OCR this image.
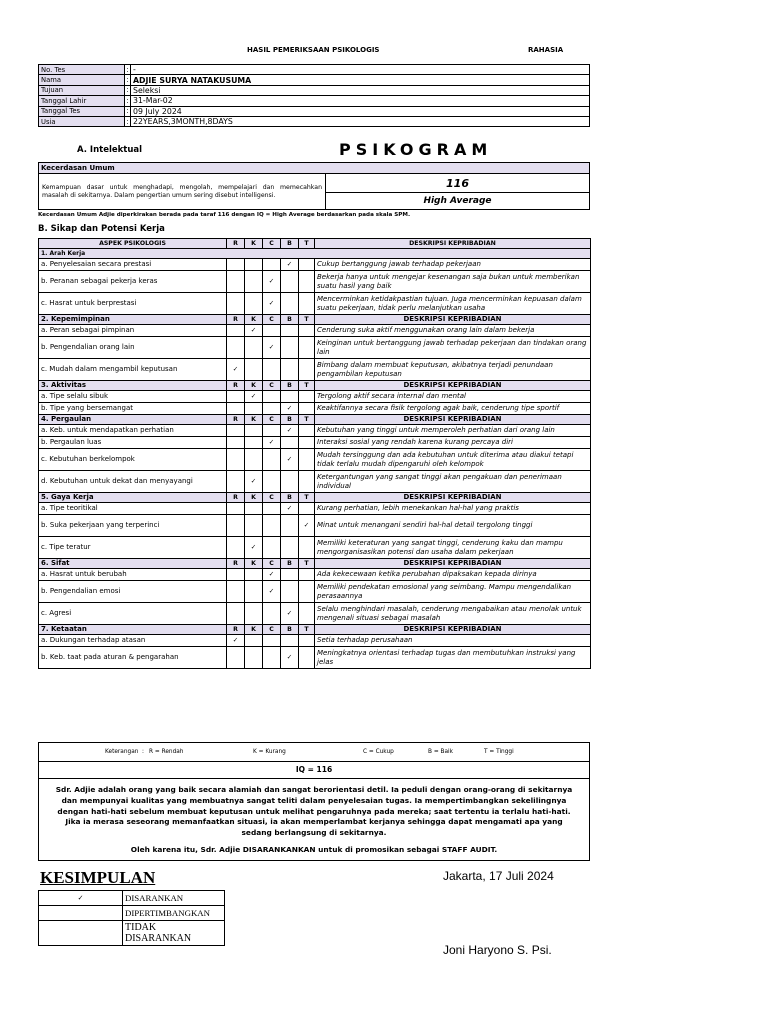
HASIL PEMERIKSAAN PSIKOLOGIS	RAHASIA
No. Tes	:	-
Nama	:	ADJIE SURYA NATAKUSUMA
Tujuan	:	Seleksi
Tanggal Lahir	:	31-Mar-02
Tanggal Tes	:	09 July 2024
Usia	:	22YEARS,3MONTH,8DAYS
A. Intelektual	PSIKOGRAM
Kecerdasan Umum
Kemampuan dasar untuk menghadapi, mengolah, mempelajari dan memecahkan masalah di sekitarnya. Dalam pengertian umum sering disebut intelligensi.	116
High Average
Kecerdasan Umum Adjie diperkirakan berada pada taraf 116 dengan IQ = High Average berdasarkan pada skala SPM.
B. Sikap dan Potensi Kerja
ASPEK PSIKOLOGIS	R	K	C	B	T	DESKRIPSI KEPRIBADIAN
1. Arah Kerja						
a. Penyelesaian secara prestasi				✓		Cukup bertanggung jawab terhadap pekerjaan
b. Peranan sebagai pekerja keras			✓			Bekerja hanya untuk mengejar kesenangan saja bukan untuk memberikan suatu hasil yang baik
c. Hasrat untuk berprestasi			✓			Mencerminkan ketidakpastian tujuan. Juga mencerminkan kepuasan dalam suatu pekerjaan, tidak perlu melanjutkan usaha
2. Kepemimpinan	R	K	C	B	T	DESKRIPSI KEPRIBADIAN
a. Peran sebagai pimpinan		✓				Cenderung suka aktif menggunakan orang lain dalam bekerja
b. Pengendalian orang lain			✓			Keinginan untuk bertanggung jawab terhadap pekerjaan dan tindakan orang lain
c. Mudah dalam mengambil keputusan	✓					Bimbang dalam membuat keputusan, akibatnya terjadi penundaan pengambilan keputusan
3. Aktivitas	R	K	C	B	T	DESKRIPSI KEPRIBADIAN
a. Tipe selalu sibuk		✓				Tergolong aktif secara internal dan mental
b. Tipe yang bersemangat				✓		Keaktifannya secara fisik tergolong agak baik, cenderung tipe sportif
4. Pergaulan	R	K	C	B	T	DESKRIPSI KEPRIBADIAN
a. Keb. untuk mendapatkan perhatian				✓		Kebutuhan yang tinggi untuk memperoleh perhatian dari orang lain
b. Pergaulan luas			✓			Interaksi sosial yang rendah karena kurang percaya diri
c. Kebutuhan berkelompok				✓		Mudah tersinggung dan ada kebutuhan untuk diterima atau diakui tetapi tidak terlalu mudah dipengaruhi oleh kelompok
d. Kebutuhan untuk dekat dan menyayangi		✓				Ketergantungan yang sangat tinggi akan pengakuan dan penerimaan individual
5. Gaya Kerja	R	K	C	B	T	DESKRIPSI KEPRIBADIAN
a. Tipe teoritikal				✓		Kurang perhatian, lebih menekankan hal-hal yang praktis
b. Suka pekerjaan yang terperinci					✓	Minat untuk menangani sendiri hal-hal detail tergolong tinggi
c. Tipe teratur		✓				Memiliki keteraturan yang sangat tinggi, cenderung kaku dan mampu mengorganisasikan potensi dan usaha dalam pekerjaan
6. Sifat	R	K	C	B	T	DESKRIPSI KEPRIBADIAN
a. Hasrat untuk berubah			✓			Ada kekecewaan ketika perubahan dipaksakan kepada dirinya
b. Pengendalian emosi			✓			Memiliki pendekatan emosional yang seimbang. Mampu mengendalikan perasaannya
c. Agresi				✓		Selalu menghindari masalah, cenderung mengabaikan atau menolak untuk mengenali situasi sebagai masalah
7. Ketaatan	R	K	C	B	T	DESKRIPSI KEPRIBADIAN
a. Dukungan terhadap atasan	✓					Setia terhadap perusahaan
b. Keb. taat pada aturan & pengarahan				✓		Meningkatnya orientasi terhadap tugas dan membutuhkan instruksi yang jelas
Keterangan : R = Rendah	K = Kurang	C = Cukup	B = Baik	T = Tinggi
IQ = 116
Sdr. Adjie adalah orang yang baik secara alamiah dan sangat berorientasi detil. Ia peduli dengan orang-orang di sekitarnya dan mempunyai kualitas yang membuatnya sangat teliti dalam penyelesaian tugas. Ia mempertimbangkan sekelilingnya dengan hati-hati sebelum membuat keputusan untuk melihat pengaruhnya pada mereka; saat tertentu ia terlalu hati-hati. Jika ia merasa seseorang memanfaatkan situasi, ia akan memperlambat kerjanya sehingga dapat mengamati apa yang sedang berlangsung di sekitarnya.
Oleh karena itu, Sdr. Adjie DISARANKANKAN untuk di promosikan sebagai STAFF AUDIT.
KESIMPULAN
✓	DISARANKAN
	DIPERTIMBANGKAN
	TIDAK DISARANKAN
Jakarta, 17 Juli 2024
Joni Haryono S. Psi.
